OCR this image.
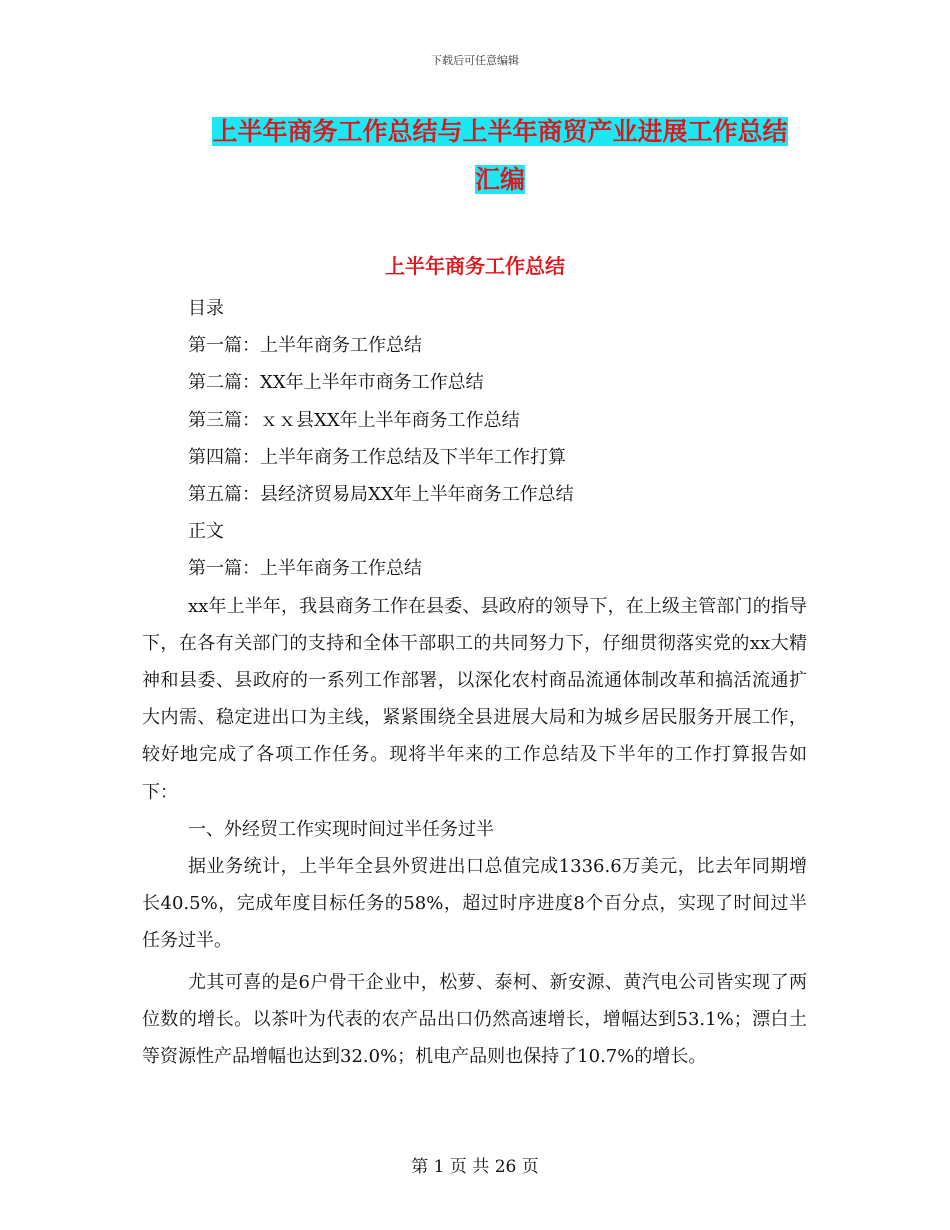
下载后可任意编辑
上半年商务工作总结与上半年商贸产业进展工作总结
汇编
上半年商务工作总结
目录
第一篇：上半年商务工作总结
第二篇：XX年上半年市商务工作总结
第三篇：ｘｘ县XX年上半年商务工作总结
第四篇：上半年商务工作总结及下半年工作打算
第五篇：县经济贸易局XX年上半年商务工作总结
正文
第一篇：上半年商务工作总结

xx年上半年，我县商务工作在县委、县政府的领导下，在上级主管部门的指导下，在各有关部门的支持和全体干部职工的共同努力下，仔细贯彻落实党的xx大精神和县委、县政府的一系列工作部署，以深化农村商品流通体制改革和搞活流通扩大内需、稳定进出口为主线，紧紧围绕全县进展大局和为城乡居民服务开展工作，较好地完成了各项工作任务。现将半年来的工作总结及下半年的工作打算报告如下：

一、外经贸工作实现时间过半任务过半

据业务统计，上半年全县外贸进出口总值完成1336.6万美元，比去年同期增长40.5%，完成年度目标任务的58%，超过时序进度8个百分点，实现了时间过半任务过半。

尤其可喜的是6户骨干企业中，松萝、泰柯、新安源、黄汽电公司皆实现了两位数的增长。以茶叶为代表的农产品出口仍然高速增长，增幅达到53.1%；漂白土等资源性产品增幅也达到32.0%；机电产品则也保持了10.7%的增长。

第 1 页 共 26 页
